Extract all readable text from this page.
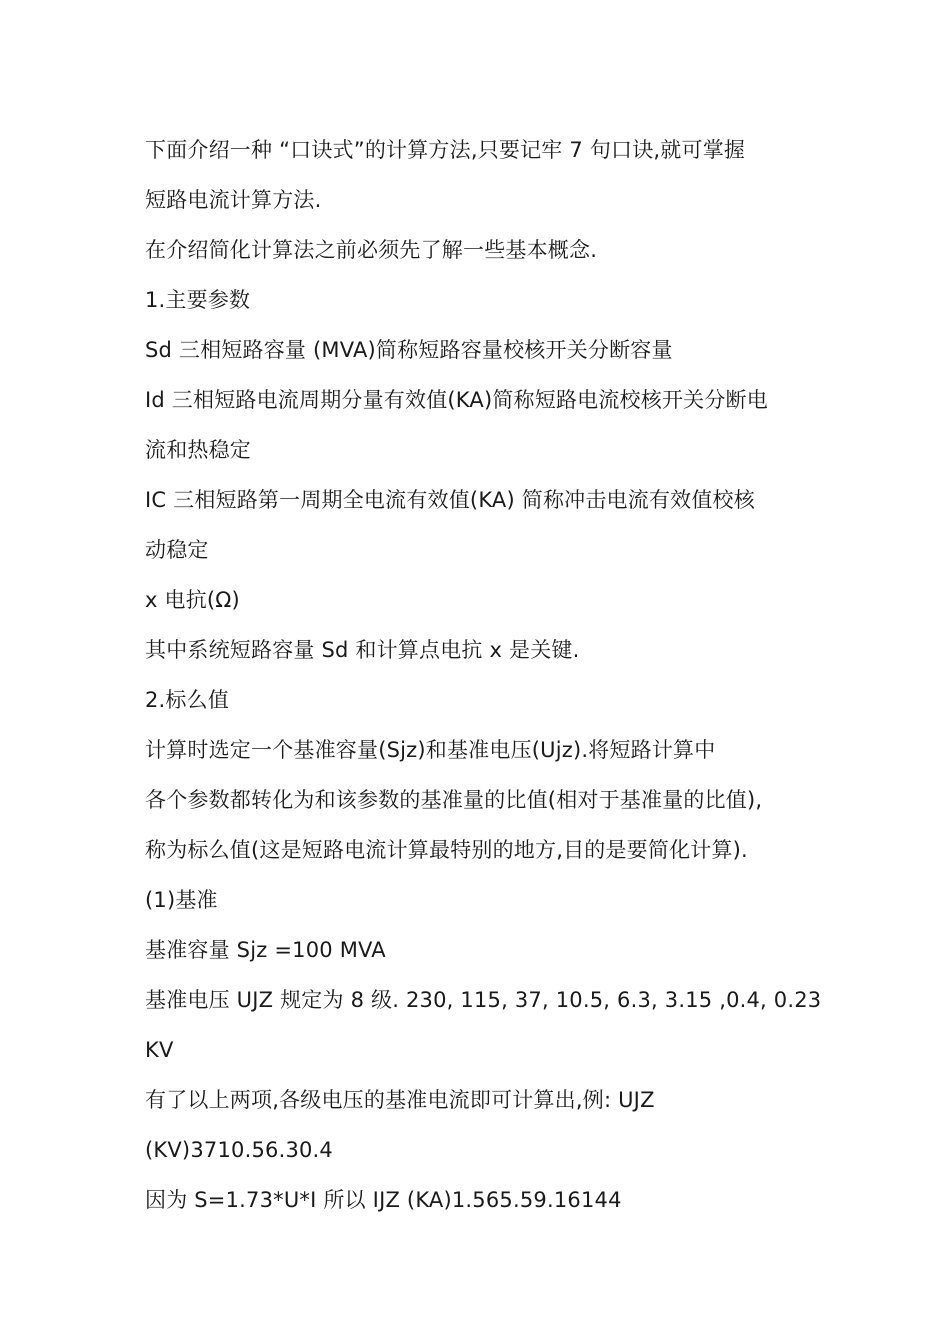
下面介绍一种 “口诀式”的计算方法,只要记牢 7 句口诀,就可掌握
短路电流计算方法.
在介绍简化计算法之前必须先了解一些基本概念.
1.主要参数
Sd 三相短路容量 (MVA)简称短路容量校核开关分断容量
Id 三相短路电流周期分量有效值(KA)简称短路电流校核开关分断电
流和热稳定
IC 三相短路第一周期全电流有效值(KA) 简称冲击电流有效值校核
动稳定
x 电抗(Ω)
其中系统短路容量 Sd 和计算点电抗 x 是关键.
2.标么值
计算时选定一个基准容量(Sjz)和基准电压(Ujz).将短路计算中
各个参数都转化为和该参数的基准量的比值(相对于基准量的比值),
称为标么值(这是短路电流计算最特别的地方,目的是要简化计算).
(1)基准
基准容量 Sjz =100 MVA
基准电压 UJZ 规定为 8 级. 230, 115, 37, 10.5, 6.3, 3.15 ,0.4, 0.23
KV
有了以上两项,各级电压的基准电流即可计算出,例: UJZ
(KV)3710.56.30.4
因为 S=1.73*U*I 所以 IJZ (KA)1.565.59.16144
